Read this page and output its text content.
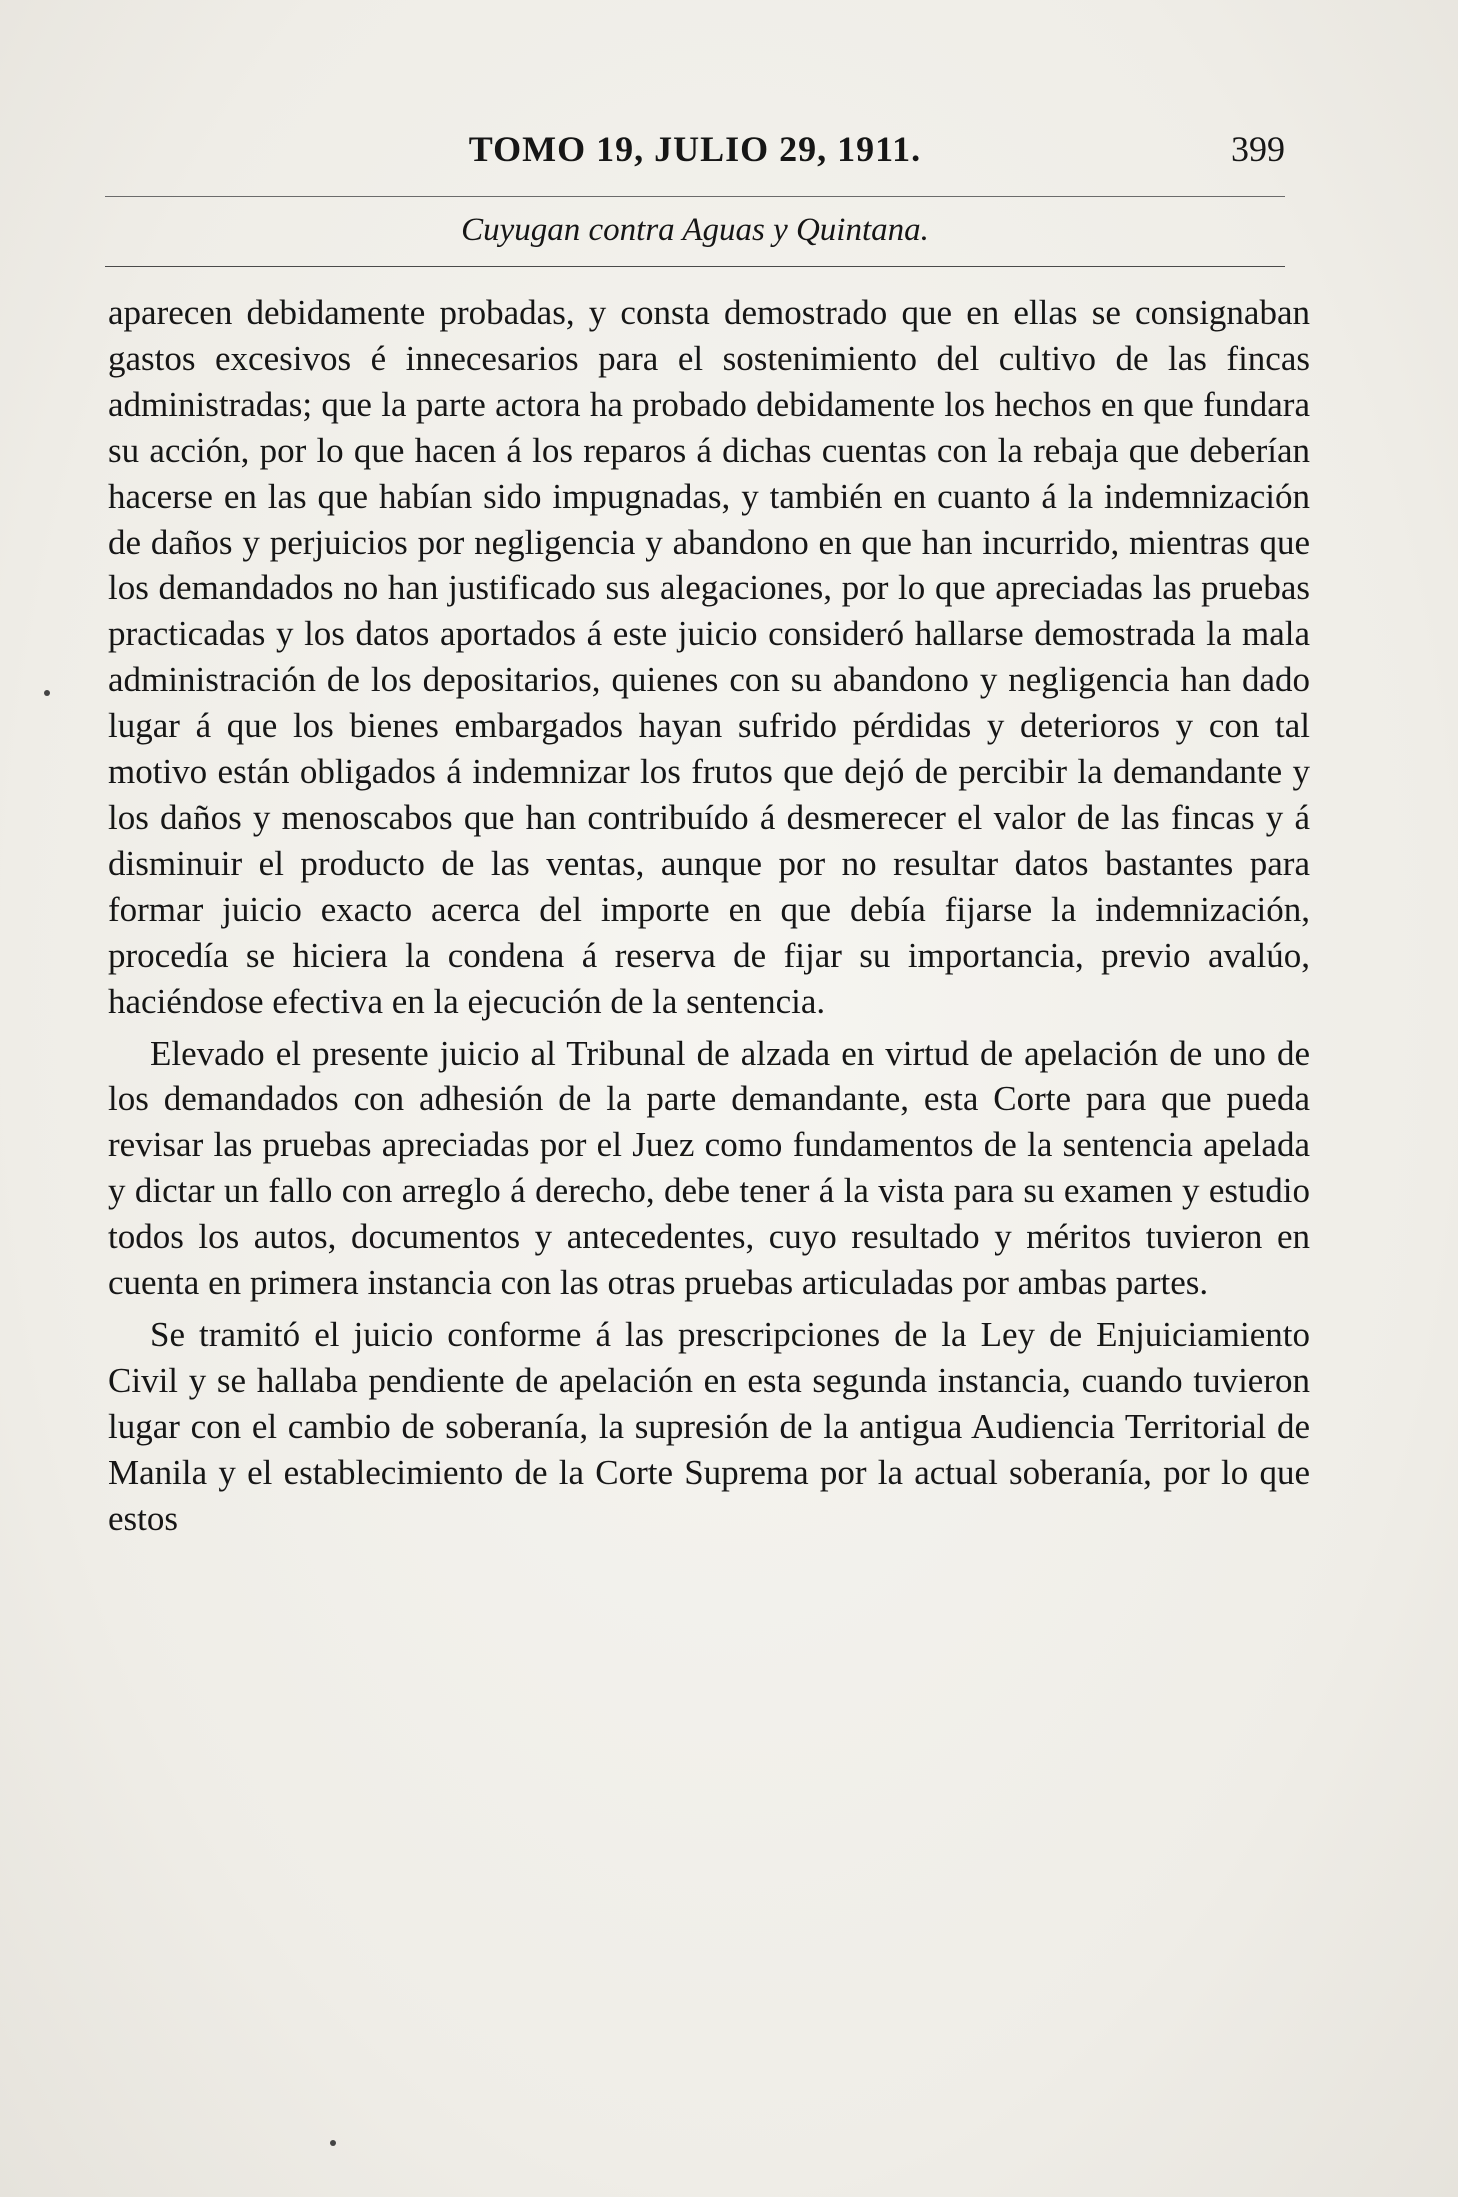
TOMO 19, JULIO 29, 1911.	399
Cuyugan contra Aguas y Quintana.

aparecen debidamente probadas, y consta demostrado que en ellas se consignaban gastos excesivos é innecesarios para el sostenimiento del cultivo de las fincas administradas; que la parte actora ha probado debidamente los hechos en que fundara su acción, por lo que hacen á los reparos á dichas cuentas con la rebaja que deberían hacerse en las que habían sido impugnadas, y también en cuanto á la indemnización de daños y perjuicios por negligencia y abandono en que han incurrido, mientras que los demandados no han justificado sus alegaciones, por lo que apreciadas las pruebas practicadas y los datos aportados á este juicio consideró hallarse demostrada la mala administración de los depositarios, quienes con su abandono y negligencia han dado lugar á que los bienes embargados hayan sufrido pérdidas y deterioros y con tal motivo están obligados á indemnizar los frutos que dejó de percibir la demandante y los daños y menoscabos que han contribuído á desmerecer el valor de las fincas y á disminuir el producto de las ventas, aunque por no resultar datos bastantes para formar juicio exacto acerca del importe en que debía fijarse la indemnización, procedía se hiciera la condena á reserva de fijar su importancia, previo avalúo, haciéndose efectiva en la ejecución de la sentencia.

Elevado el presente juicio al Tribunal de alzada en virtud de apelación de uno de los demandados con adhesión de la parte demandante, esta Corte para que pueda revisar las pruebas apreciadas por el Juez como fundamentos de la sentencia apelada y dictar un fallo con arreglo á derecho, debe tener á la vista para su examen y estudio todos los autos, documentos y antecedentes, cuyo resultado y méritos tuvieron en cuenta en primera instancia con las otras pruebas articuladas por ambas partes.

Se tramitó el juicio conforme á las prescripciones de la Ley de Enjuiciamiento Civil y se hallaba pendiente de apelación en esta segunda instancia, cuando tuvieron lugar con el cambio de soberanía, la supresión de la antigua Audiencia Territorial de Manila y el establecimiento de la Corte Suprema por la actual soberanía, por lo que estos
